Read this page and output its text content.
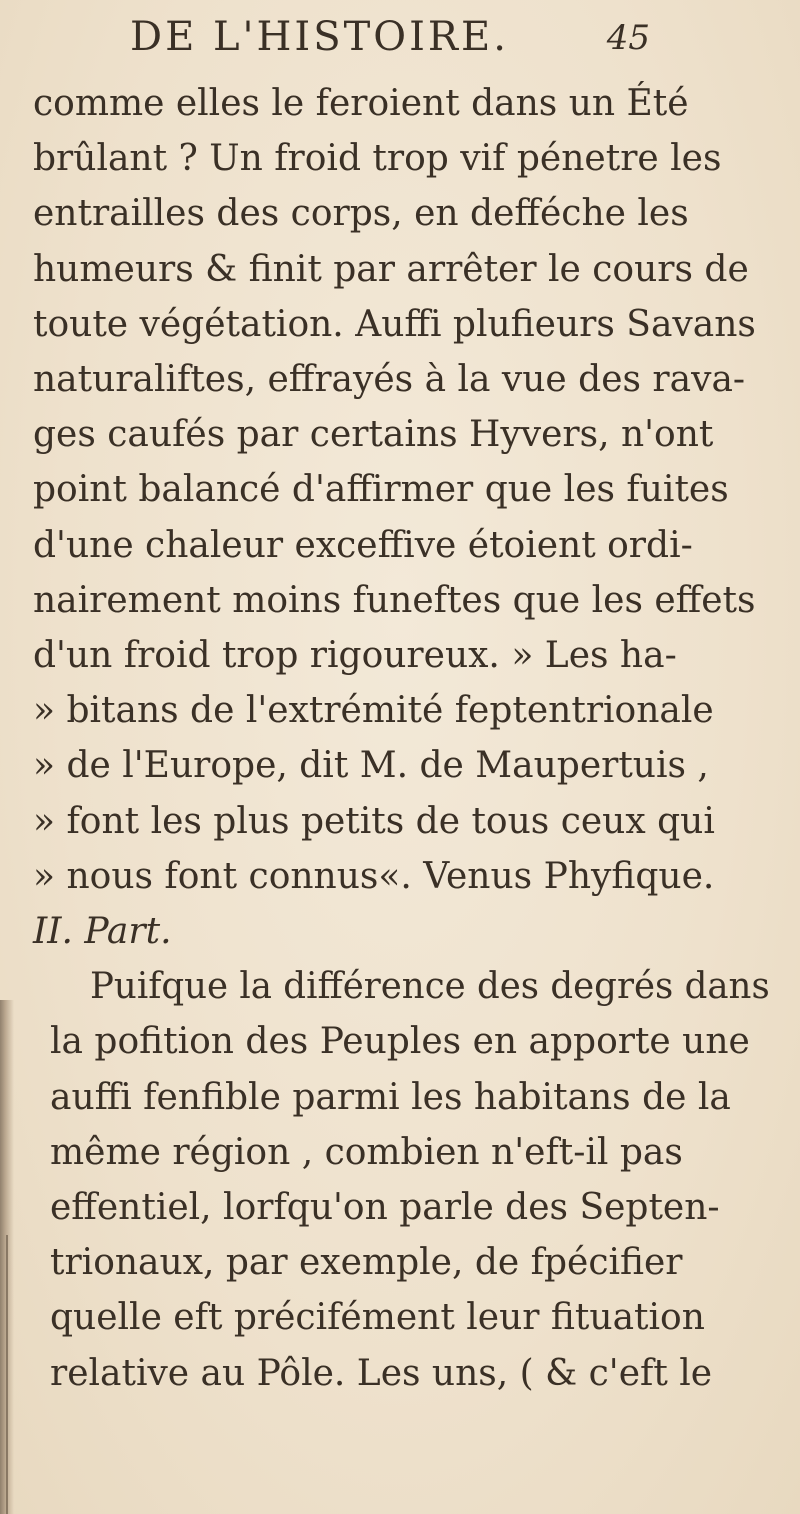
DE L'HISTOIRE.	45
comme elles le feroient dans un Été
brûlant ? Un froid trop vif pénetre les
entrailles des corps, en defféche les
humeurs & finit par arrêter le cours de
toute végétation. Auffi plufieurs Savans
naturaliftes, effrayés à la vue des rava-
ges caufés par certains Hyvers, n'ont
point balancé d'affirmer que les fuites
d'une chaleur exceffive étoient ordi-
nairement moins funeftes que les effets
d'un froid trop rigoureux. » Les ha-
» bitans de l'extrémité feptentrionale
» de l'Europe, dit M. de Maupertuis ,
» font les plus petits de tous ceux qui
» nous font connus«. Venus Phyfique.
II. Part.
Puifque la différence des degrés dans
la pofition des Peuples en apporte une
auffi fenfible parmi les habitans de la
même région , combien n'eft-il pas
effentiel, lorfqu'on parle des Septen-
trionaux, par exemple, de fpécifier
quelle eft précifément leur fituation
relative au Pôle. Les uns, ( & c'eft le
